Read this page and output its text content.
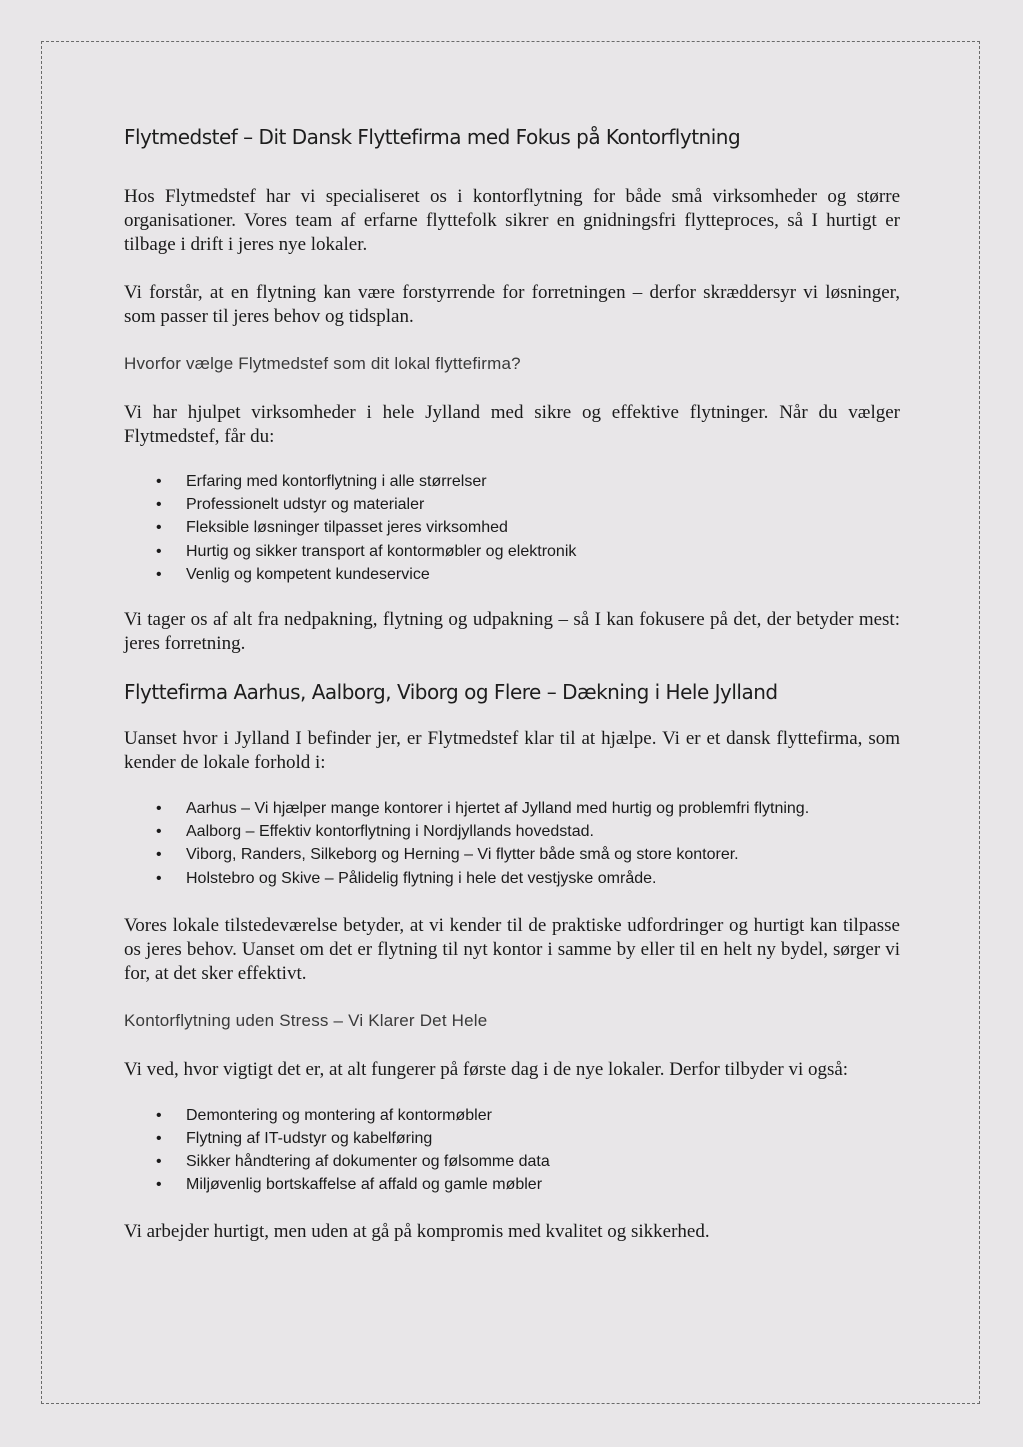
Flytmedstef – Dit Dansk Flyttefirma med Fokus på Kontorflytning

Hos Flytmedstef har vi specialiseret os i kontorflytning for både små virksomheder og større organisationer. Vores team af erfarne flyttefolk sikrer en gnidningsfri flytteproces, så I hurtigt er tilbage i drift i jeres nye lokaler.

Vi forstår, at en flytning kan være forstyrrende for forretningen – derfor skræddersyr vi løsninger, som passer til jeres behov og tidsplan.

Hvorfor vælge Flytmedstef som dit lokal flyttefirma?

Vi har hjulpet virksomheder i hele Jylland med sikre og effektive flytninger. Når du vælger Flytmedstef, får du:

• Erfaring med kontorflytning i alle størrelser
• Professionelt udstyr og materialer
• Fleksible løsninger tilpasset jeres virksomhed
• Hurtig og sikker transport af kontormøbler og elektronik
• Venlig og kompetent kundeservice

Vi tager os af alt fra nedpakning, flytning og udpakning – så I kan fokusere på det, der betyder mest: jeres forretning.

Flyttefirma Aarhus, Aalborg, Viborg og Flere – Dækning i Hele Jylland

Uanset hvor i Jylland I befinder jer, er Flytmedstef klar til at hjælpe. Vi er et dansk flyttefirma, som kender de lokale forhold i:

• Aarhus – Vi hjælper mange kontorer i hjertet af Jylland med hurtig og problemfri flytning.
• Aalborg – Effektiv kontorflytning i Nordjyllands hovedstad.
• Viborg, Randers, Silkeborg og Herning – Vi flytter både små og store kontorer.
• Holstebro og Skive – Pålidelig flytning i hele det vestjyske område.

Vores lokale tilstedeværelse betyder, at vi kender til de praktiske udfordringer og hurtigt kan tilpasse os jeres behov. Uanset om det er flytning til nyt kontor i samme by eller til en helt ny bydel, sørger vi for, at det sker effektivt.

Kontorflytning uden Stress – Vi Klarer Det Hele

Vi ved, hvor vigtigt det er, at alt fungerer på første dag i de nye lokaler. Derfor tilbyder vi også:

• Demontering og montering af kontormøbler
• Flytning af IT-udstyr og kabelføring
• Sikker håndtering af dokumenter og følsomme data
• Miljøvenlig bortskaffelse af affald og gamle møbler

Vi arbejder hurtigt, men uden at gå på kompromis med kvalitet og sikkerhed.
